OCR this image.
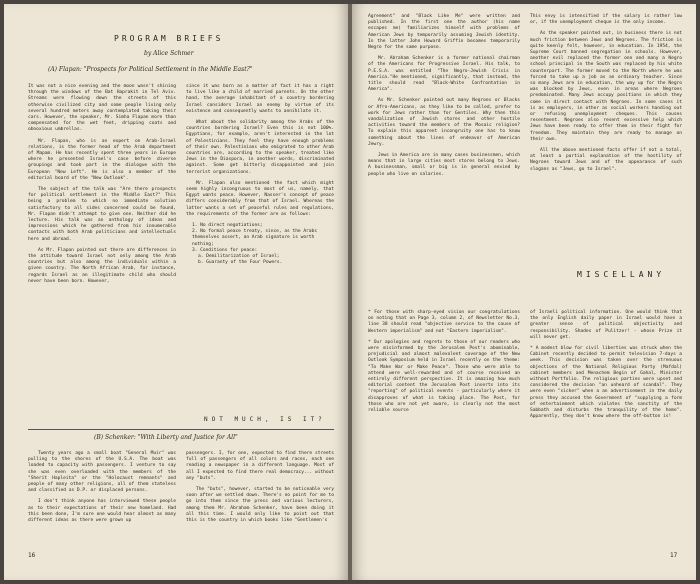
PROGRAM BRIEFS
by Alice Schmer
(A) Flapan: "Prospects for Political Settlement in the Middle East?"

It was not a nice evening and the moon wasn't shining through the windows of the Bat Haprakit in Tel Aviv. Streams were flowing down the streets of this otherwise civilized city and some people living only several hundred meters away contemplated taking their cars. However, the speaker, Mr. Simha Flapan more than compensated for the wet feet, dripping coats and obnoxious umbrellas.

Mr. Flapan, who is an expert on Arab-Israel relations, is the former head of the Arab department of Mapam. He has recently spent three years in Europe where he presented Israel's case before diverse groupings and took part in the dialogue with the European "New Left". He is also a member of the editorial board of the "New Outlook".

The subject of the talk was "Are there prospects for political settlement in the Middle East?" This being a problem to which no immediate solution satisfactory to all sides concerned could be found, Mr. Flapan didn't attempt to give one. Neither did he lecture. His talk was an anthology of ideas and impressions which he gathered from his innumerable contacts with both Arab politicians and intellectuals here and abroad.

As Mr. Flapan pointed out there are differences in the attitude toward Israel not only among the Arab countries but also among the individuals within a given country. The North African Arab, for instance, regards Israel as an illegitimate child who should never have been born. However,

since it was born as a matter of fact it has a right to live like a child of married parents. On the other hand, the average inhabitant of a country bordering Israel considers Israel an enemy by virtue of its existence and consequently wants to annihilate it.

What about the solidarity among the Arabs of the countries bordering Israel? Even this is not 100%. Egyptians, for example, aren't interested in the lot of Palestinians. They feel they have enough problems of their own. Palestinians who emigrated to other Arab countries are, according to the speaker, treated like Jews in the Diaspora, in another words, discriminated against. Some get bitterly disappointed and join terrorist organizations.

Mr. Flapan also mentioned the fact which might seem highly incongruous to most of us, namely, that Egypt wants peace. However, Nasser's concept of peace differs considerably from that of Israel. Whereas the latter wants a set of peaceful rules and regulations, the requirements of the former are as follows:

1. No direct negotiations;
2. No formal peace treaty, since, as the Arabs themselves assert, an Arab signature is worth nothing;
3. Conditions for peace:
a. Demilitarization of Israel;
b. Guaranty of the Four Powers.
NOT MUCH, IS IT?
(B) Schenker: "With Liberty and Justice for All"

Twenty years ago a small boat "General Muir" was pulling to the shores of the U.S.A. The boat was loaded to capacity with passengers. I venture to say she was even overloaded with the members of the "Sherit Hapleita" or the "Holocaust remnants" and people of many other religions, all of them stateless and classified as D.P. or displaced persons.

I don't think anyone has interviewed these people as to their expectations of their new homeland. Had this been done, I'm sure one would hear almost as many different ideas as there were grown up

passengers. I, for one, expected to find there streets full of passengers of all colors and races, each one reading a newspaper in a different language. Most of all I expected to find there real democracy... without any "buts".

The "buts", however, started to be noticeable very soon after we settled down. There's no point for me to go into them since the press and various lecturers, among them Mr. Abraham Schenker, have been doing it all this time. I would only like to point out that this is the country in which books like "Gentlemen's

16

Agreement" and "Black Like Me" were written and published. In the first one the author (his name escapes me) familiarizes himself with problems of American Jews by temporarily assuming Jewish identity. In the latter John Howard Griffin becomes temporarily Negro for the same purpose.

Mr. Abraham Schenker is a former national chairman of the Americans for Progressive Israel. His talk, to P.E.S.A. was entitled "The Negro-Jewish Crisis in America."He mentioned, significantly, that instead, the title should read "Black-White Confrontation in America".

As Mr. Schenker pointed out many Negroes or Blacks or Afro-Americans, as they like to be called, prefer to work for Jews rather than for Gentiles. Why then this vandalization of Jewish stores and other hostile activities toward the members of the Mosaic religion? To explain this apparent incongruity one has to know something about the lines of endeavor of American Jewry.

Jews in America are in many cases businessmen, which means that in large cities most stores belong to Jews. A businessman, small or big is in general envied by people who live on salaries.

This envy is intensified if the salary is rather low or, if the unemployment cheque is the only income.

As the speaker pointed out, in business there is not much friction between Jews and Negroes. The friction is quite keenly felt, however, in education. In 1954, the Supreme Court banned segregation in schools. However, another evil replaced the former one and many a Negro school principal in the South was replaced by his white counterpart. The former moved to the North where he was forced to take up a job as an ordinary teacher. Since so many Jews are in education, the way up for the Negro was blocked by Jews, even in areas where Negroes predominated. Many Jews occupy positions in which they come in direct contact with Negroes. In some cases it is as employers, in other as social workers handing out or refusing unemployment cheques. This causes resentment. Negroes also resent excessive help which Jews have been ready to offer them in their fight for freedom. They maintain they are ready to manage on their own.

All the above mentioned facts offer if not a total, at least a partial explanation of the hostility of Negroes toward Jews and of the appearance of such slogans as "Jews, go to Israel".

MISCELLANY

* For those with sharp-eyed vision our congratulations on noting that on Page 3, column 2, of Newsletter No.3, line 38 should read "objective service to the cause of Western imperialism" and not "Eastern imperialism".

* Our apologies and regrets to those of our readers who were misinformed by the Jerusalem Post's abominable, prejudicial and almost malevolent coverage of the New Outlook Symposium held in Israel recently on the theme: "To Make War or Make Peace". Those who were able to attend were well-rewarded and of course received an entirely different perspective. It is amazing how much editorial content the Jerusalem Post inserts into its "reporting" of political events - particularly where it disapproves of what is taking place. The Post, for those who are not yet aware, is clearly not the most reliable source

of Israeli political information. One would think that the only English daily paper in Israel would have a greater sense of political objectivity and responsibility. Shades of Pulitzer! - whose Prize it will never get.

* A modest blow for civil liberties was struck when the Cabinet recently decided to permit television 7-days a week. This decision was taken over the strenuous objections of the National Religious Party (Mafdal) cabinet members and Menachem Begin of Gahal, Minister without Portfolio. The religious parties were upset and considered the decision "an unheard of scandal". They were even "sicker" when a an advertisement in the daily press they accused the Government of "supplying a form of entertainment which violates the sanctity of the Sabbath and disturbs the tranquility of the home". Apparently, they don't know where the off-button is!

17
